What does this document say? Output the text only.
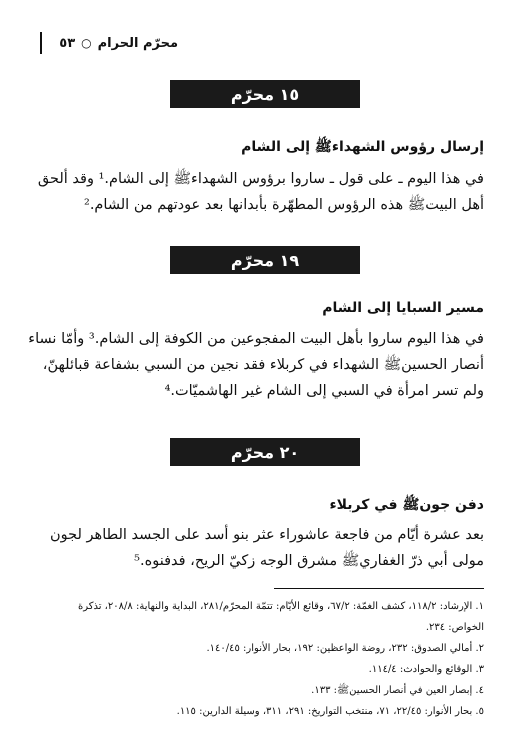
محرّم الحرام
○
٥٣
١٥ محرّم
إرسال رؤوس الشهداءﷺ إلى الشام
في هذا اليوم ـ على قول ـ ساروا برؤوس الشهداءﷺ إلى الشام.¹ وقد ألحق
أهل البيتﷺ هذه الرؤوس المطهّرة بأبدانها بعد عودتهم من الشام.²
١٩ محرّم
مسير السبايا إلى الشام
في هذا اليوم ساروا بأهل البيت المفجوعين من الكوفة إلى الشام.³ وأمّا نساء
أنصار الحسينﷺ الشهداء في كربلاء فقد نجين من السبي بشفاعة قبائلهنّ،
ولم تسر امرأة في السبي إلى الشام غير الهاشميّات.⁴
٢٠ محرّم
دفن جونﷺ في كربلاء
بعد عشرة أيّام من فاجعة عاشوراء عثر بنو أسد على الجسد الطاهر لجون
مولى أبي ذرّ الغفاريﷺ مشرق الوجه زكيّ الريح، فدفنوه.⁵
١. الإرشاد: ١١٨/٢، كشف الغمّة: ٦٧/٢، وقائع الأيّام: تتمّة المحرّم/٢٨١، البداية والنهاية: ٢٠٨/٨، تذكرة
الخواص: ٢٣٤.
٢. أمالي الصدوق: ٢٣٢، روضة الواعظين: ١٩٢، بحار الأنوار: ١٤٠/٤٥.
٣. الوقائع والحوادث: ١١٤/٤.
٤. إبصار العين في أنصار الحسينﷺ: ١٣٣.
٥. بحار الأنوار: ٢٢/٤٥، ٧١، منتخب التواريخ: ٢٩١، ٣١١، وسيلة الدارين: ١١٥.
